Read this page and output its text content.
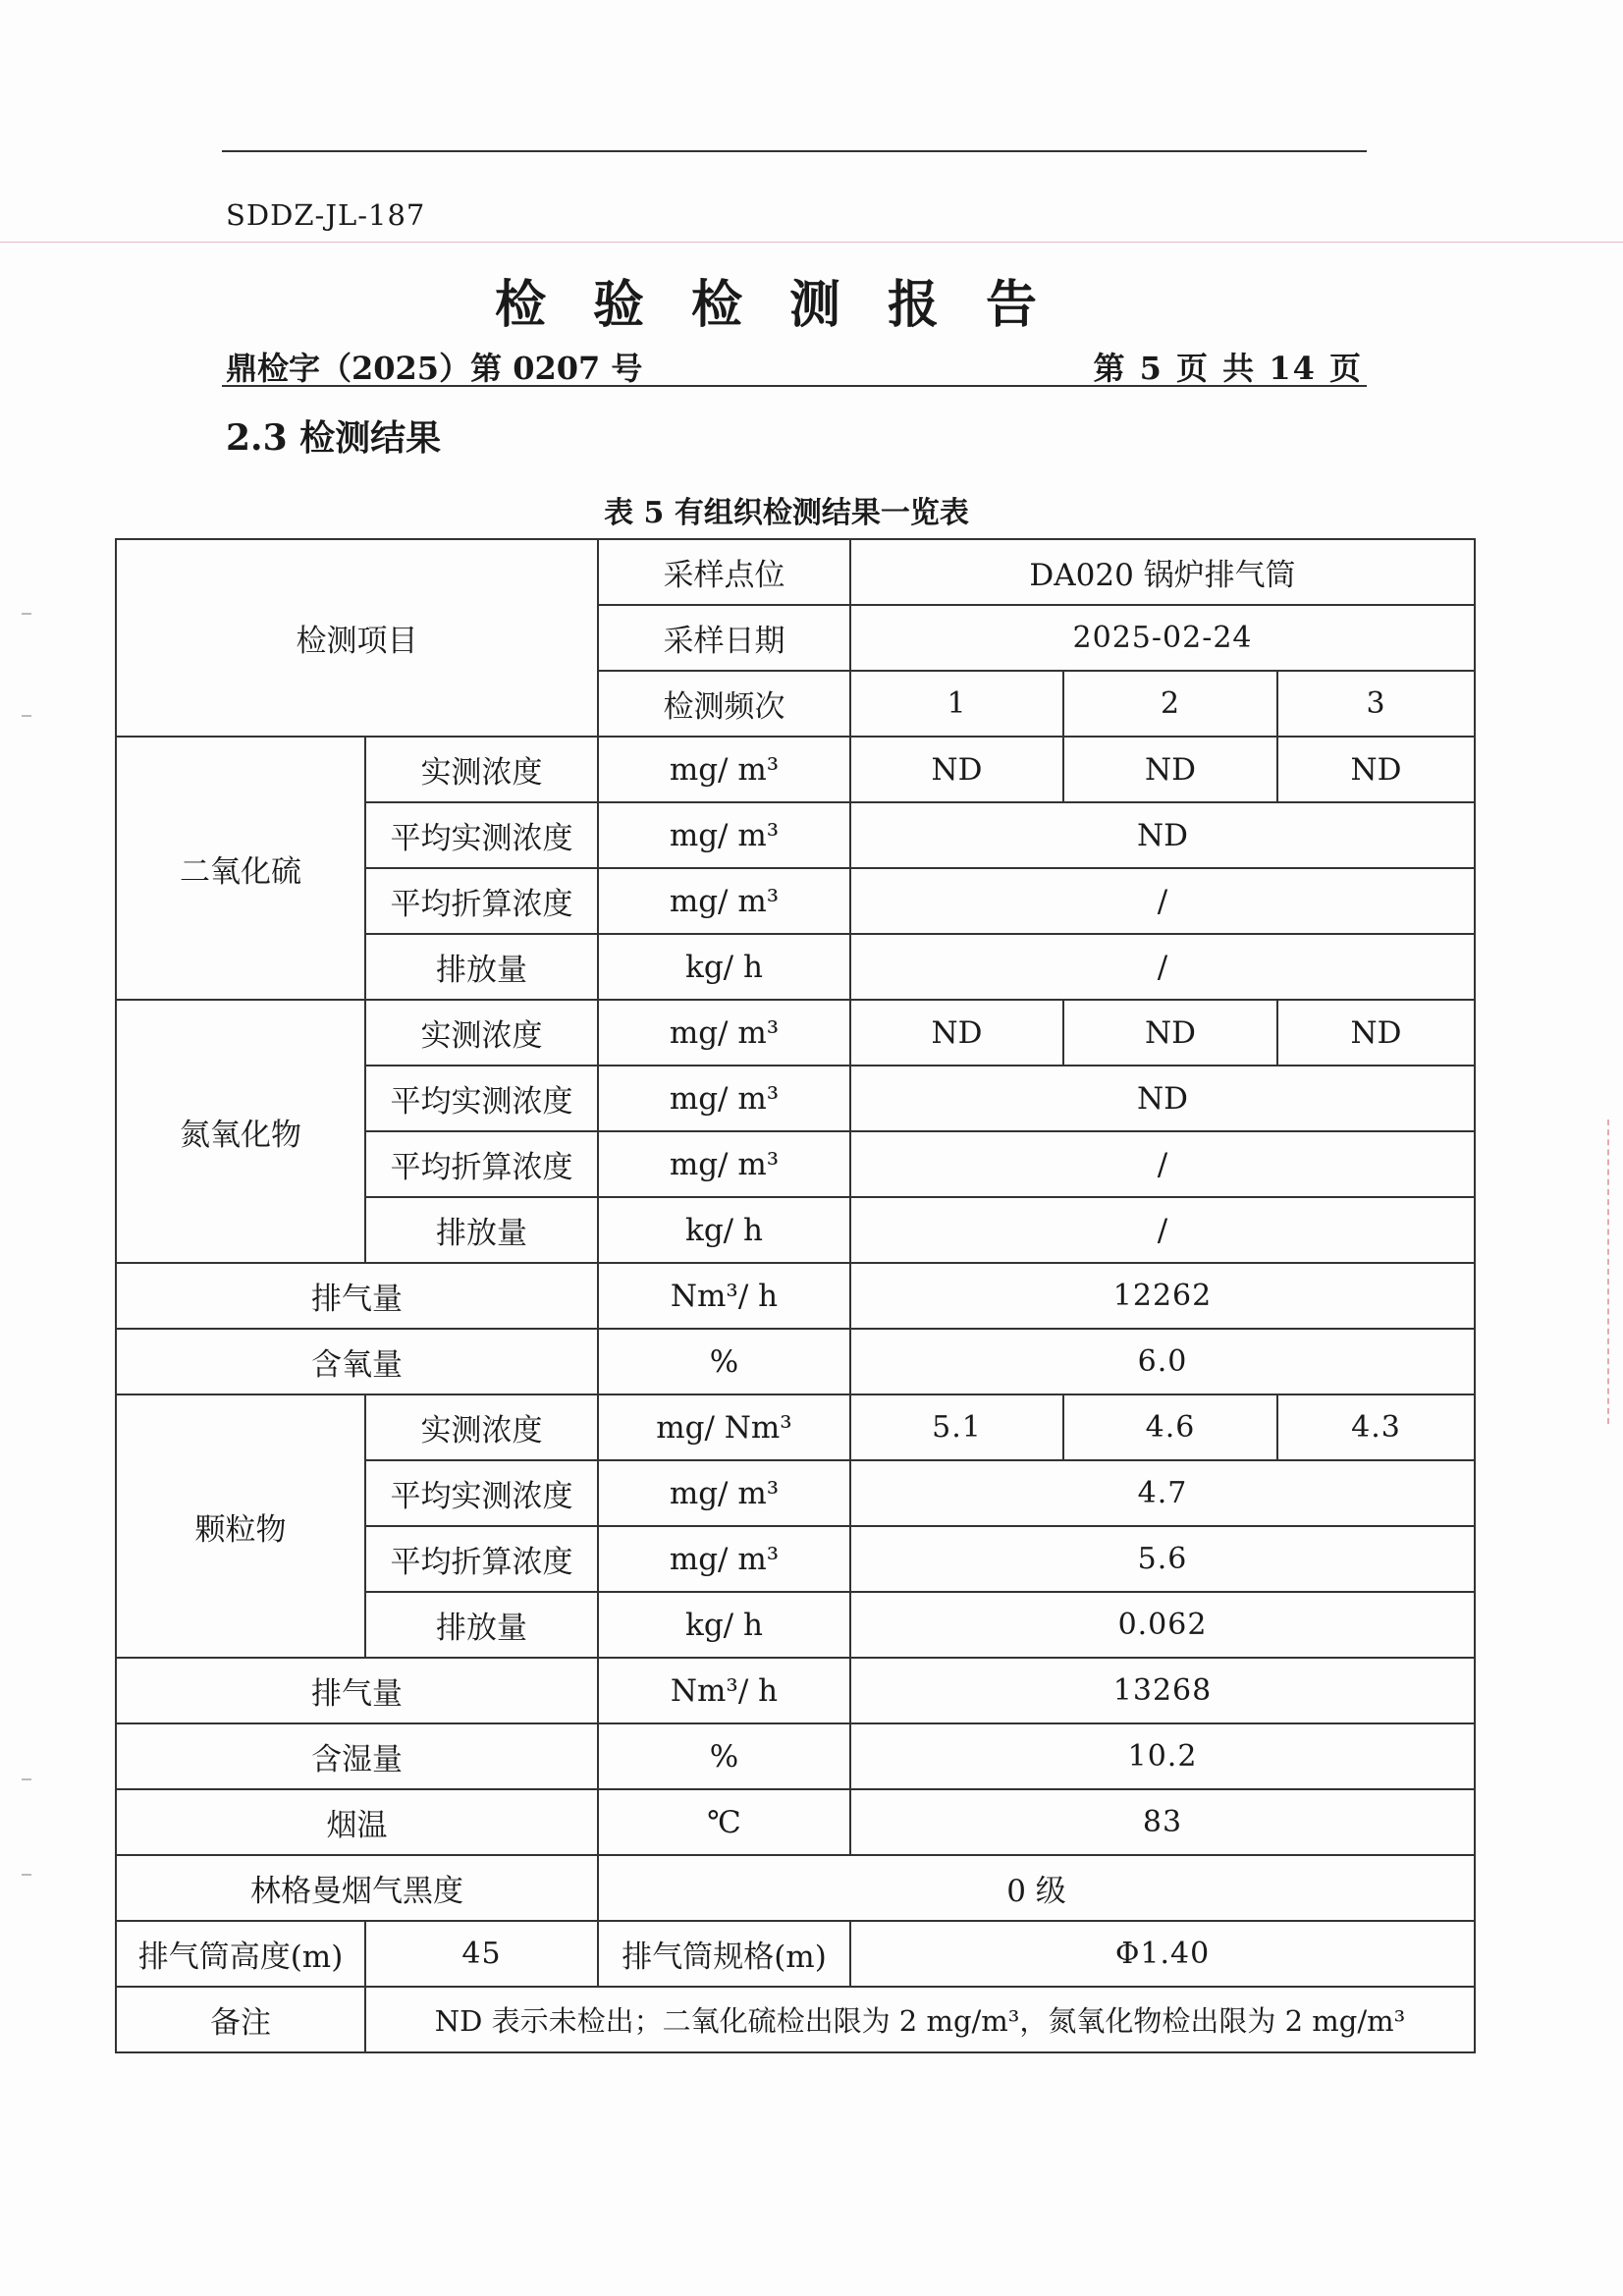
SDDZ-JL-187
检验检测报告
鼎检字（2025）第 0207 号	第 5 页 共 14 页
2.3 检测结果
表 5 有组织检测结果一览表
检测项目		采样点位	DA020 锅炉排气筒		
		采样日期	2025-02-24		
		检测频次	1	2	3
二氧化硫	实测浓度	mg/ m³	ND	ND	ND
	平均实测浓度	mg/ m³	ND		
	平均折算浓度	mg/ m³	/		
	排放量	kg/ h	/		
氮氧化物	实测浓度	mg/ m³	ND	ND	ND
	平均实测浓度	mg/ m³	ND		
	平均折算浓度	mg/ m³	/		
	排放量	kg/ h	/		
排气量		Nm³/ h	12262		
含氧量		%	6.0		
颗粒物	实测浓度	mg/ Nm³	5.1	4.6	4.3
	平均实测浓度	mg/ m³	4.7		
	平均折算浓度	mg/ m³	5.6		
	排放量	kg/ h	0.062		
排气量		Nm³/ h	13268		
含湿量		%	10.2		
烟温		℃	83		
林格曼烟气黑度		0 级			
排气筒高度(m)	45	排气筒规格(m)	Φ1.40		
备注	ND 表示未检出；二氧化硫检出限为 2 mg/m³，氮氧化物检出限为 2 mg/m³				
